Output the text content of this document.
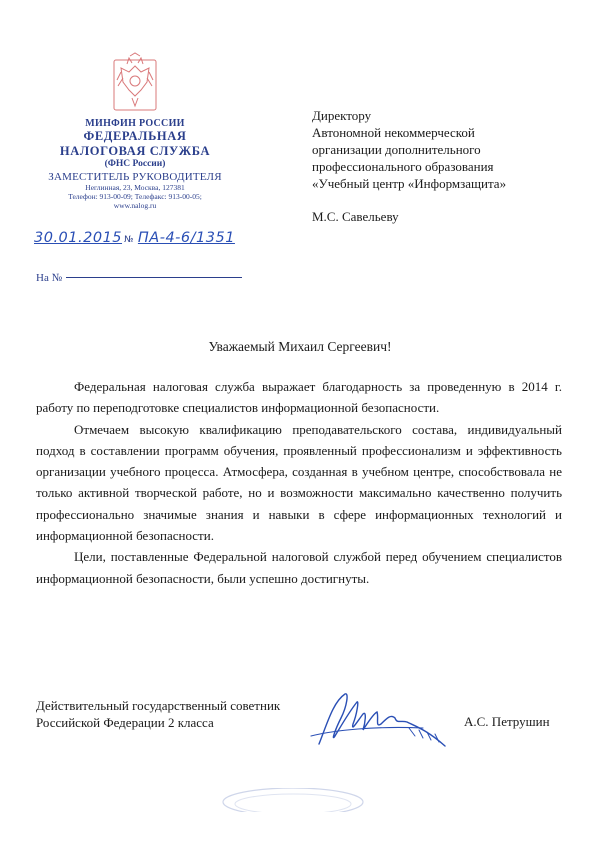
МИНФИН РОССИИ
ФЕДЕРАЛЬНАЯ
НАЛОГОВАЯ СЛУЖБА
(ФНС России)
ЗАМЕСТИТЕЛЬ РУКОВОДИТЕЛЯ
Неглинная, 23, Москва, 127381
Телефон: 913-00-09; Телефакс: 913-00-05;
www.nalog.ru
30.01.2015 № ПА-4-6/1351
На №
Директору
Автономной некоммерческой
организации дополнительного
профессионального образования
«Учебный центр «Информзащита»
М.С. Савельеву
Уважаемый Михаил Сергеевич!

Федеральная налоговая служба выражает благодарность за проведенную в 2014 г. работу по переподготовке специалистов информационной безопасности.

Отмечаем высокую квалификацию преподавательского состава, индивидуальный подход в составлении программ обучения, проявленный профессионализм и эффективность организации учебного процесса. Атмосфера, созданная в учебном центре, способствовала не только активной творческой работе, но и возможности максимально качественно получить профессионально значимые знания и навыки в сфере информационных технологий и информационной безопасности.

Цели, поставленные Федеральной налоговой службой перед обучением специалистов информационной безопасности, были успешно достигнуты.

Действительный государственный советник
Российской Федерации 2 класса	А.С. Петрушин
